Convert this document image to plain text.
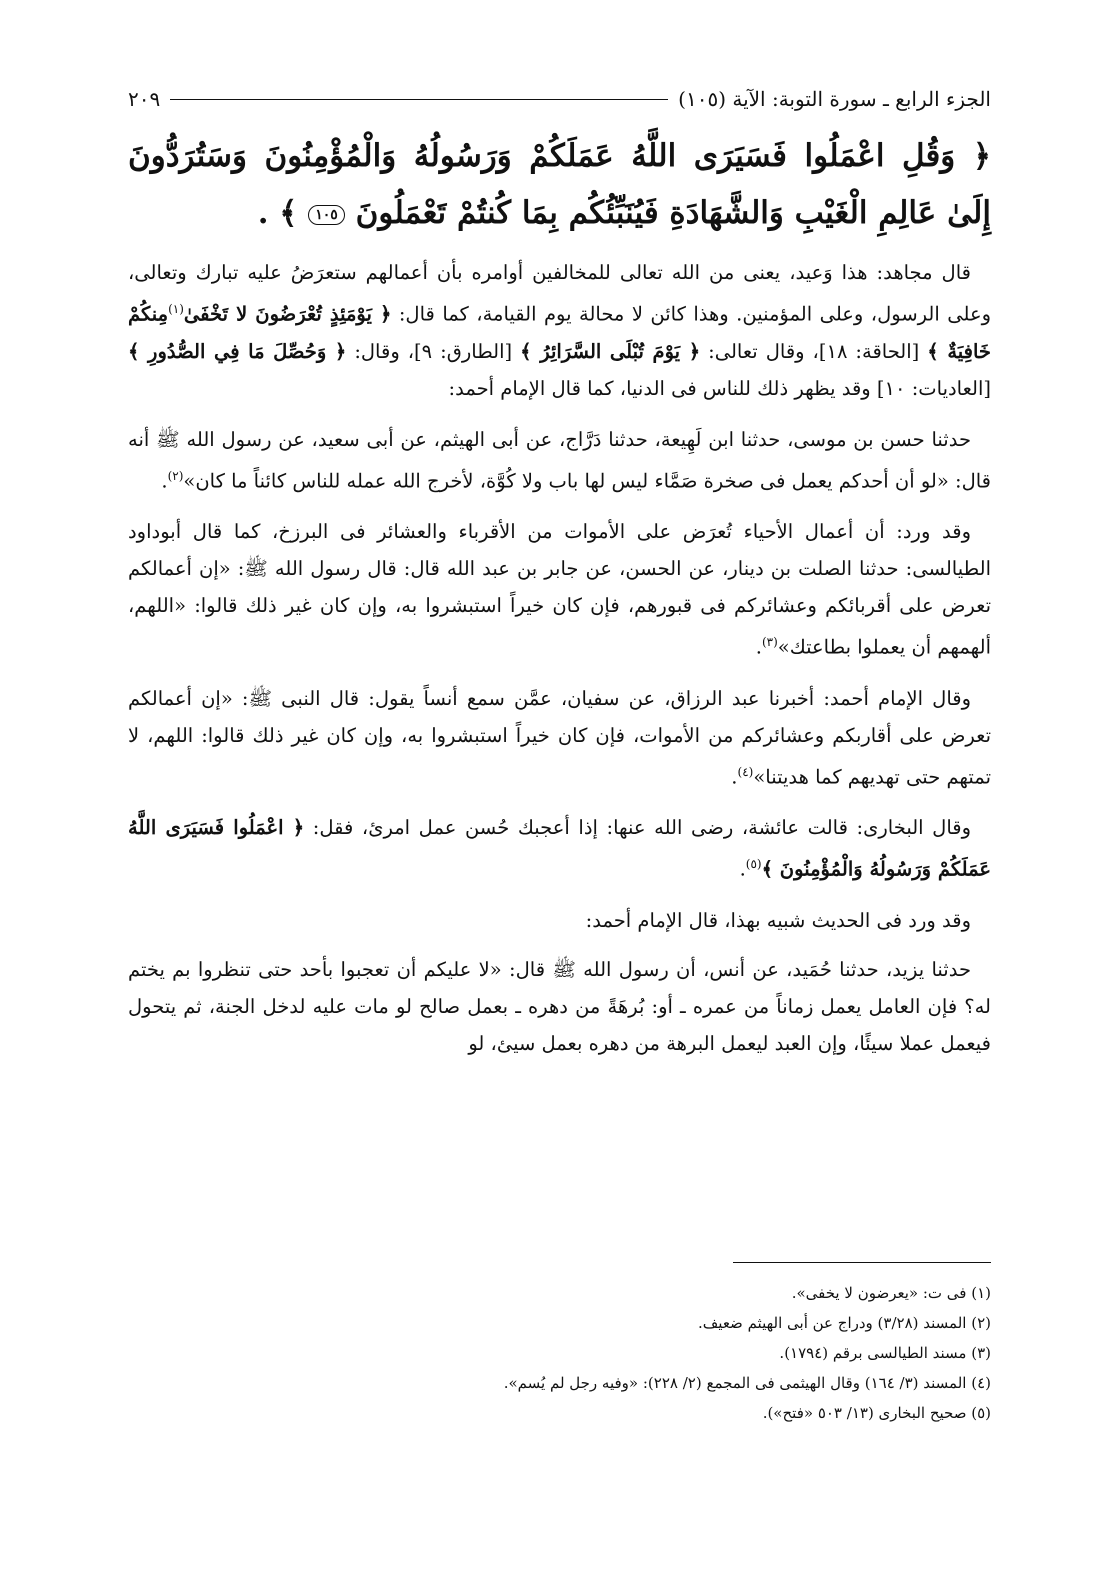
الجزء الرابع ـ سورة التوبة: الآية (١٠٥)
٢٠٩
﴿ وَقُلِ اعْمَلُوا فَسَيَرَى اللَّهُ عَمَلَكُمْ وَرَسُولُهُ وَالْمُؤْمِنُونَ وَسَتُرَدُّونَ إِلَىٰ عَالِمِ الْغَيْبِ وَالشَّهَادَةِ فَيُنَبِّئُكُم بِمَا كُنتُمْ تَعْمَلُونَ ١٠٥ ﴾ .

قال مجاهد: هذا وَعيد، يعنى من الله تعالى للمخالفين أوامره بأن أعمالهم ستعرَضُ عليه تبارك وتعالى، وعلى الرسول، وعلى المؤمنين. وهذا كائن لا محالة يوم القيامة، كما قال: ﴿ يَوْمَئِذٍ تُعْرَضُونَ لا تَخْفَىٰ$^{(١)}$مِنكُمْ خَافِيَةٌ ﴾ [الحاقة: ١٨]، وقال تعالى: ﴿ يَوْمَ تُبْلَى السَّرَائِرُ ﴾ [الطارق: ٩]، وقال: ﴿ وَحُصِّلَ مَا فِي الصُّدُورِ ﴾ [العاديات: ١٠] وقد يظهر ذلك للناس فى الدنيا، كما قال الإمام أحمد:

حدثنا حسن بن موسى، حدثنا ابن لَهِيعة، حدثنا دَرَّاج، عن أبى الهيثم، عن أبى سعيد، عن رسول الله ﷺ أنه قال: «لو أن أحدكم يعمل فى صخرة صَمَّاء ليس لها باب ولا كُوَّة، لأخرج الله عمله للناس كائناً ما كان»$^{(٢)}$.

وقد ورد: أن أعمال الأحياء تُعرَض على الأموات من الأقرباء والعشائر فى البرزخ، كما قال أبوداود الطيالسى: حدثنا الصلت بن دينار، عن الحسن، عن جابر بن عبد الله قال: قال رسول الله ﷺ: «إن أعمالكم تعرض على أقربائكم وعشائركم فى قبورهم، فإن كان خيراً استبشروا به، وإن كان غير ذلك قالوا: «اللهم، ألهمهم أن يعملوا بطاعتك»$^{(٣)}$.

وقال الإمام أحمد: أخبرنا عبد الرزاق، عن سفيان، عمَّن سمع أنساً يقول: قال النبى ﷺ: «إن أعمالكم تعرض على أقاربكم وعشائركم من الأموات، فإن كان خيراً استبشروا به، وإن كان غير ذلك قالوا: اللهم، لا تمتهم حتى تهديهم كما هديتنا»$^{(٤)}$.

وقال البخارى: قالت عائشة، رضى الله عنها: إذا أعجبك حُسن عمل امرئ، فقل: ﴿ اعْمَلُوا فَسَيَرَى اللَّهُ عَمَلَكُمْ وَرَسُولُهُ وَالْمُؤْمِنُونَ ﴾$^{(٥)}$.

وقد ورد فى الحديث شبيه بهذا، قال الإمام أحمد:

حدثنا يزيد، حدثنا حُمَيد، عن أنس، أن رسول الله ﷺ قال: «لا عليكم أن تعجبوا بأحد حتى تنظروا بم يختم له؟ فإن العامل يعمل زماناً من عمره ـ أو: بُرهَةً من دهره ـ بعمل صالح لو مات عليه لدخل الجنة، ثم يتحول فيعمل عملا سيئًا، وإن العبد ليعمل البرهة من دهره بعمل سيئ، لو

(١) فى ت: «يعرضون لا يخفى».
(٢) المسند (٣/٢٨) ودراج عن أبى الهيثم ضعيف.
(٣) مسند الطيالسى برقم (١٧٩٤).
(٤) المسند (٣/ ١٦٤) وقال الهيثمى فى المجمع (٢/ ٢٢٨): «وفيه رجل لم يُسم».
(٥) صحيح البخارى (١٣/ ٥٠٣ «فتح»).
